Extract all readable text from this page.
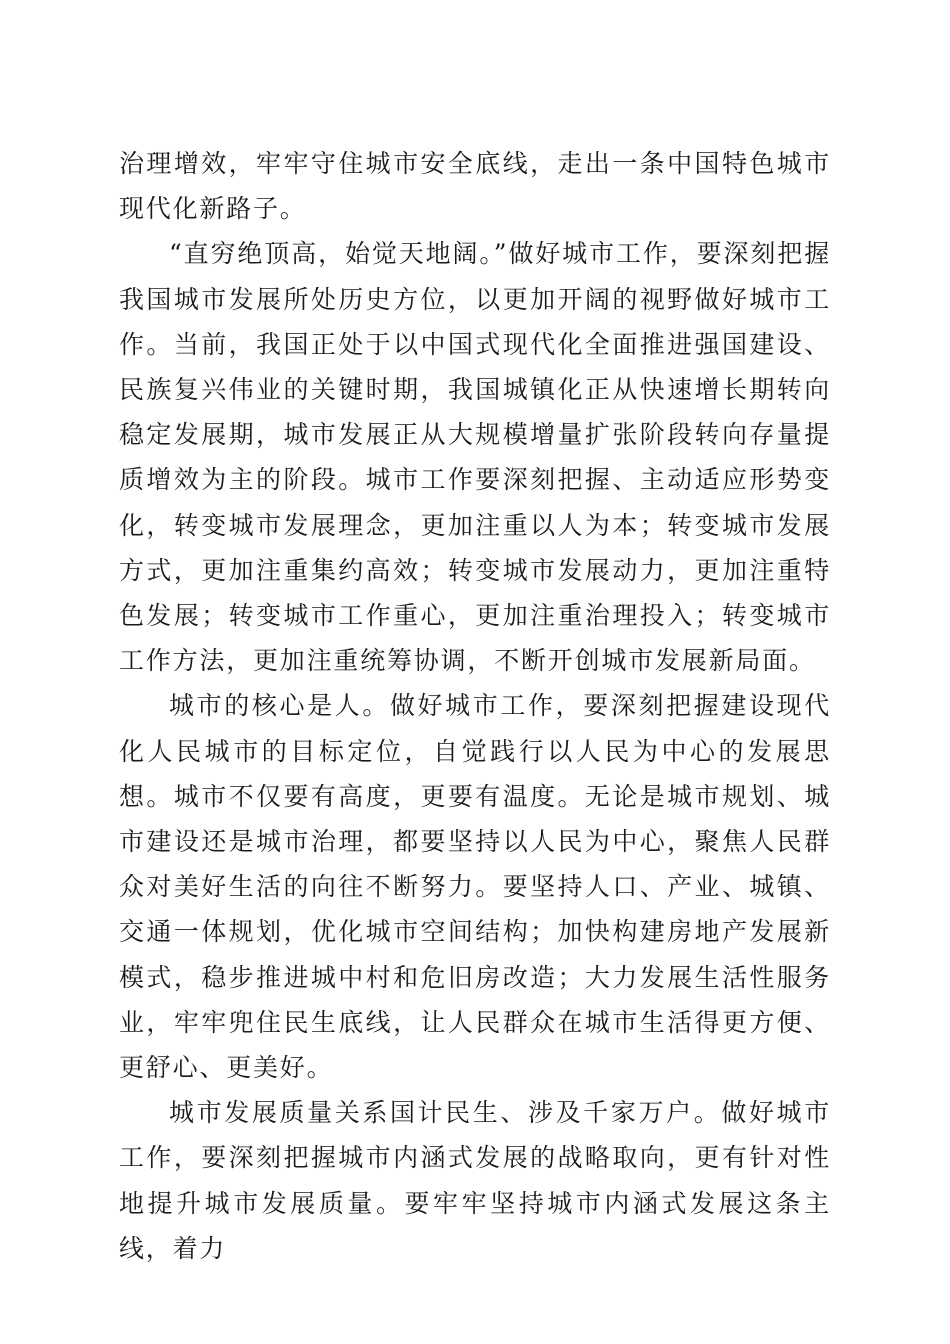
治理增效，牢牢守住城市安全底线，走出一条中国特色城市现代化新路子。

“直穷绝顶高，始觉天地阔。”做好城市工作，要深刻把握我国城市发展所处历史方位，以更加开阔的视野做好城市工作。当前，我国正处于以中国式现代化全面推进强国建设、民族复兴伟业的关键时期，我国城镇化正从快速增长期转向稳定发展期，城市发展正从大规模增量扩张阶段转向存量提质增效为主的阶段。城市工作要深刻把握、主动适应形势变化，转变城市发展理念，更加注重以人为本；转变城市发展方式，更加注重集约高效；转变城市发展动力，更加注重特色发展；转变城市工作重心，更加注重治理投入；转变城市工作方法，更加注重统筹协调，不断开创城市发展新局面。

城市的核心是人。做好城市工作，要深刻把握建设现代化人民城市的目标定位，自觉践行以人民为中心的发展思想。城市不仅要有高度，更要有温度。无论是城市规划、城市建设还是城市治理，都要坚持以人民为中心，聚焦人民群众对美好生活的向往不断努力。要坚持人口、产业、城镇、交通一体规划，优化城市空间结构；加快构建房地产发展新模式，稳步推进城中村和危旧房改造；大力发展生活性服务业，牢牢兜住民生底线，让人民群众在城市生活得更方便、更舒心、更美好。

城市发展质量关系国计民生、涉及千家万户。做好城市工作，要深刻把握城市内涵式发展的战略取向，更有针对性地提升城市发展质量。要牢牢坚持城市内涵式发展这条主线，着力
